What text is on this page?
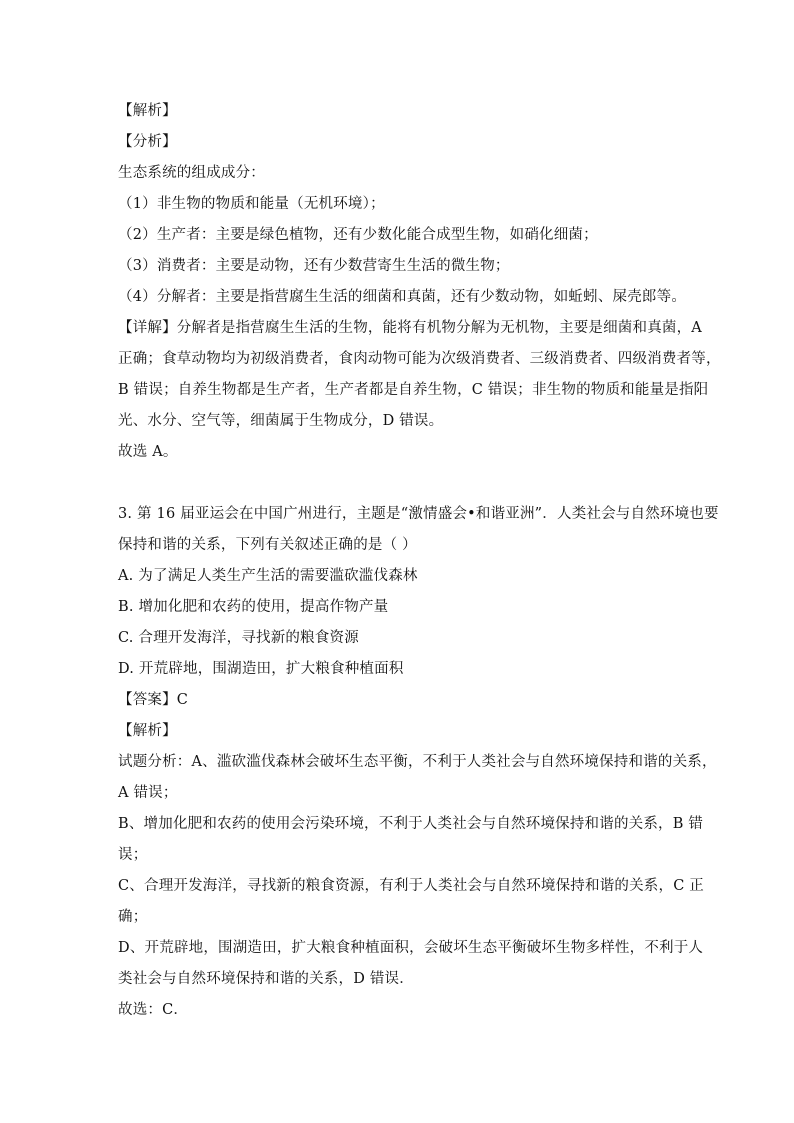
【解析】
【分析】
生态系统的组成成分：
（1）非生物的物质和能量（无机环境）；
（2）生产者：主要是绿色植物，还有少数化能合成型生物，如硝化细菌；
（3）消费者：主要是动物，还有少数营寄生生活的微生物；
（4）分解者：主要是指营腐生生活的细菌和真菌，还有少数动物，如蚯蚓、屎壳郎等。
【详解】分解者是指营腐生生活的生物，能将有机物分解为无机物，主要是细菌和真菌，A
正确；食草动物均为初级消费者，食肉动物可能为次级消费者、三级消费者、四级消费者等，
B 错误；自养生物都是生产者，生产者都是自养生物，C 错误；非生物的物质和能量是指阳
光、水分、空气等，细菌属于生物成分，D 错误。
故选 A。
3. 第 16 届亚运会在中国广州进行，主题是“激情盛会•和谐亚洲”．人类社会与自然环境也要
保持和谐的关系，下列有关叙述正确的是（ ）
A. 为了满足人类生产生活的需要滥砍滥伐森林
B. 增加化肥和农药的使用，提高作物产量
C. 合理开发海洋，寻找新的粮食资源
D. 开荒辟地，围湖造田，扩大粮食种植面积
【答案】C
【解析】
试题分析：A、滥砍滥伐森林会破坏生态平衡，不利于人类社会与自然环境保持和谐的关系，
A 错误；
B、增加化肥和农药的使用会污染环境，不利于人类社会与自然环境保持和谐的关系，B 错
误；
C、合理开发海洋，寻找新的粮食资源，有利于人类社会与自然环境保持和谐的关系，C 正
确；
D、开荒辟地，围湖造田，扩大粮食种植面积，会破坏生态平衡破坏生物多样性，不利于人
类社会与自然环境保持和谐的关系，D 错误．
故选：C．
